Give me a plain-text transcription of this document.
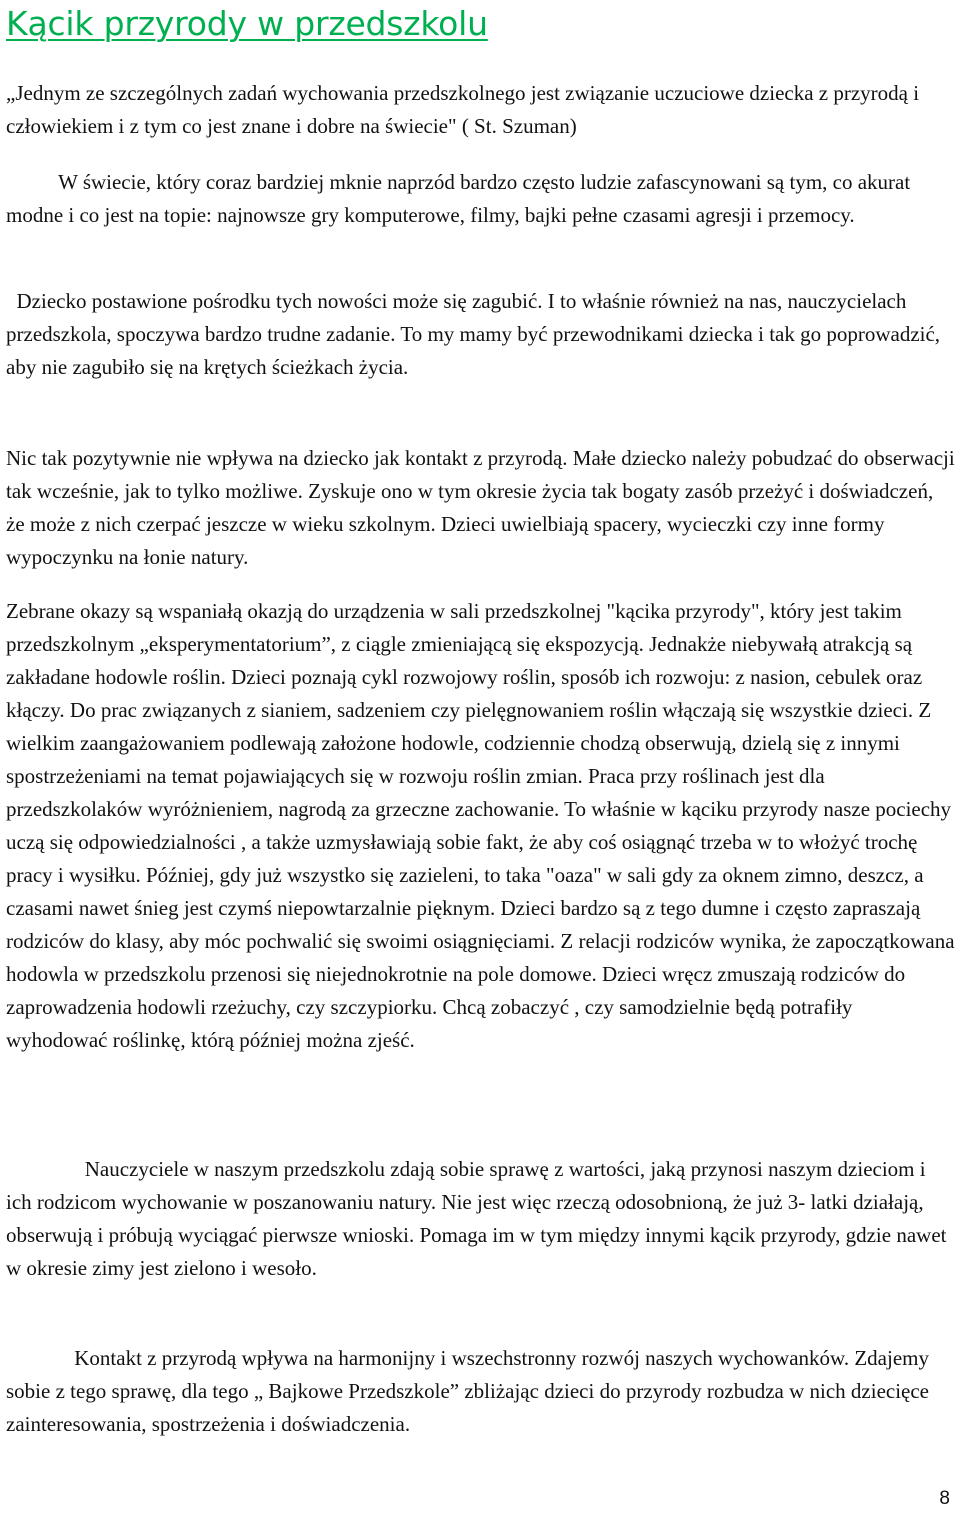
Kącik przyrody w przedszkolu

„Jednym ze szczególnych zadań wychowania przedszkolnego jest związanie uczuciowe dziecka z przyrodą i człowiekiem i z tym co jest znane i dobre na świecie" ( St. Szuman)

W świecie, który coraz bardziej mknie naprzód bardzo często ludzie zafascynowani są tym, co akurat modne i co jest na topie: najnowsze gry komputerowe, filmy, bajki pełne czasami agresji i przemocy.

Dziecko postawione pośrodku tych nowości może się zagubić. I to właśnie również na nas, nauczycielach przedszkola, spoczywa bardzo trudne zadanie. To my mamy być przewodnikami dziecka i tak go poprowadzić, aby nie zagubiło się na krętych ścieżkach życia.

Nic tak pozytywnie nie wpływa na dziecko jak kontakt z przyrodą. Małe dziecko należy pobudzać do obserwacji tak wcześnie, jak to tylko możliwe. Zyskuje ono w tym okresie życia tak bogaty zasób przeżyć i doświadczeń, że może z nich czerpać jeszcze w wieku szkolnym. Dzieci uwielbiają spacery, wycieczki czy inne formy wypoczynku na łonie natury.

Zebrane okazy są wspaniałą okazją do urządzenia w sali przedszkolnej "kącika przyrody", który jest takim przedszkolnym „eksperymentatorium”, z ciągle zmieniającą się ekspozycją. Jednakże niebywałą atrakcją są zakładane hodowle roślin. Dzieci poznają cykl rozwojowy roślin, sposób ich rozwoju: z nasion, cebulek oraz kłączy. Do prac związanych z sianiem, sadzeniem czy pielęgnowaniem roślin włączają się wszystkie dzieci. Z wielkim zaangażowaniem podlewają założone hodowle, codziennie chodzą obserwują, dzielą się z innymi spostrzeżeniami na temat pojawiających się w rozwoju roślin zmian. Praca przy roślinach jest dla przedszkolaków wyróżnieniem, nagrodą za grzeczne zachowanie. To właśnie w kąciku przyrody nasze pociechy uczą się odpowiedzialności , a także uzmysławiają sobie fakt, że aby coś osiągnąć trzeba w to włożyć trochę pracy i wysiłku. Później, gdy już wszystko się zazieleni, to taka "oaza" w sali gdy za oknem zimno, deszcz, a czasami nawet śnieg jest czymś niepowtarzalnie pięknym. Dzieci bardzo są z tego dumne i często zapraszają rodziców do klasy, aby móc pochwalić się swoimi osiągnięciami. Z relacji rodziców wynika, że zapoczątkowana hodowla w przedszkolu przenosi się niejednokrotnie na pole domowe. Dzieci wręcz zmuszają rodziców do zaprowadzenia hodowli rzeżuchy, czy szczypiorku. Chcą zobaczyć , czy samodzielnie będą potrafiły wyhodować roślinkę, którą później można zjeść.

Nauczyciele w naszym przedszkolu zdają sobie sprawę z wartości, jaką przynosi naszym dzieciom i ich rodzicom wychowanie w poszanowaniu natury. Nie jest więc rzeczą odosobnioną, że już 3- latki działają, obserwują i próbują wyciągać pierwsze wnioski. Pomaga im w tym między innymi kącik przyrody, gdzie nawet w okresie zimy jest zielono i wesoło.

Kontakt z przyrodą wpływa na harmonijny i wszechstronny rozwój naszych wychowanków. Zdajemy sobie z tego sprawę, dla tego „ Bajkowe Przedszkole” zbliżając dzieci do przyrody rozbudza w nich dziecięce zainteresowania, spostrzeżenia i doświadczenia.

8
